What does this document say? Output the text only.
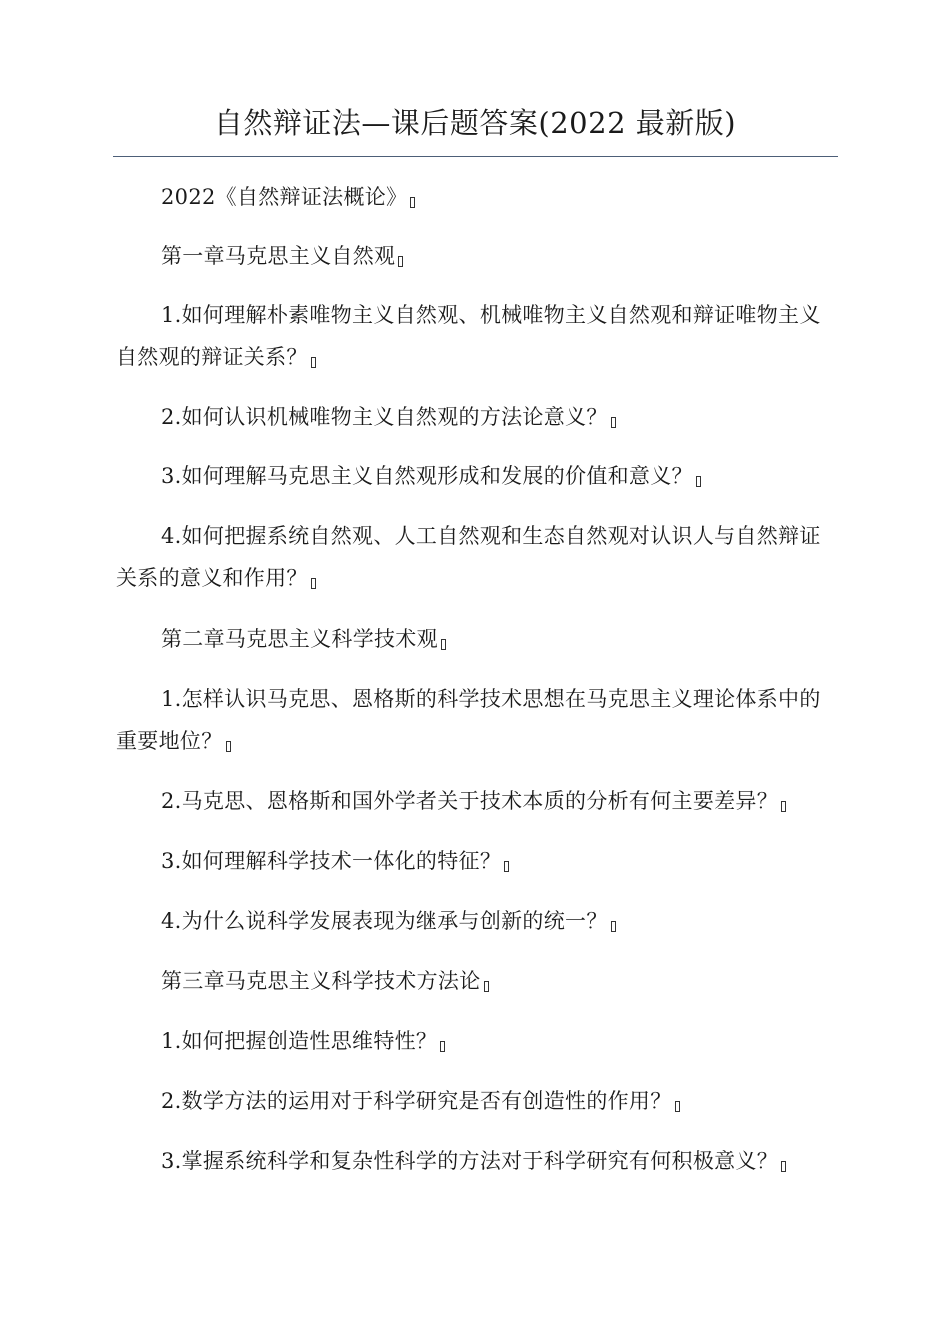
自然辩证法—课后题答案(2022 最新版)

2022《自然辩证法概论》

第一章马克思主义自然观

1.如何理解朴素唯物主义自然观、机械唯物主义自然观和辩证唯物主义自然观的辩证关系？

2.如何认识机械唯物主义自然观的方法论意义？

3.如何理解马克思主义自然观形成和发展的价值和意义？

4.如何把握系统自然观、人工自然观和生态自然观对认识人与自然辩证关系的意义和作用？

第二章马克思主义科学技术观

1.怎样认识马克思、恩格斯的科学技术思想在马克思主义理论体系中的重要地位？

2.马克思、恩格斯和国外学者关于技术本质的分析有何主要差异？

3.如何理解科学技术一体化的特征？

4.为什么说科学发展表现为继承与创新的统一？

第三章马克思主义科学技术方法论

1.如何把握创造性思维特性？

2.数学方法的运用对于科学研究是否有创造性的作用？

3.掌握系统科学和复杂性科学的方法对于科学研究有何积极意义？
